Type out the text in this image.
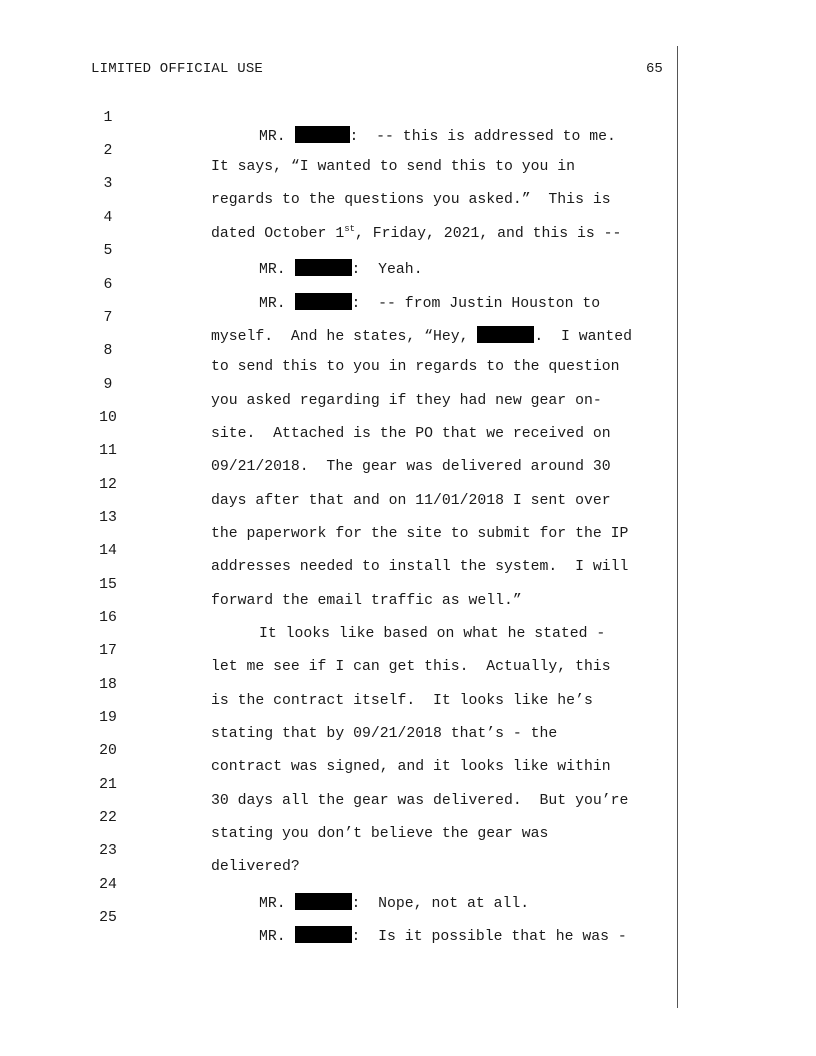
LIMITED OFFICIAL USE	65

1

MR.	:  -- this is addressed to me.

2

It says, “I wanted to send this to you in

3

regards to the questions you asked.”  This is

4

dated October 1st, Friday, 2021, and this is --

5

MR.	:  Yeah.

6

MR.	:  -- from Justin Houston to

7

myself.  And he states, “Hey,	.  I wanted

8

to send this to you in regards to the question

9

you asked regarding if they had new gear on-

10

site.  Attached is the PO that we received on

11

09/21/2018.  The gear was delivered around 30

12

days after that and on 11/01/2018 I sent over

13

the paperwork for the site to submit for the IP

14

addresses needed to install the system.  I will

15

forward the email traffic as well.”

16

It looks like based on what he stated -

17

let me see if I can get this.  Actually, this

18

is the contract itself.  It looks like he’s

19

stating that by 09/21/2018 that’s - the

20

contract was signed, and it looks like within

21

30 days all the gear was delivered.  But you’re

22

stating you don’t believe the gear was

23

delivered?

24

MR.	:  Nope, not at all.

25

MR.	:  Is it possible that he was -
